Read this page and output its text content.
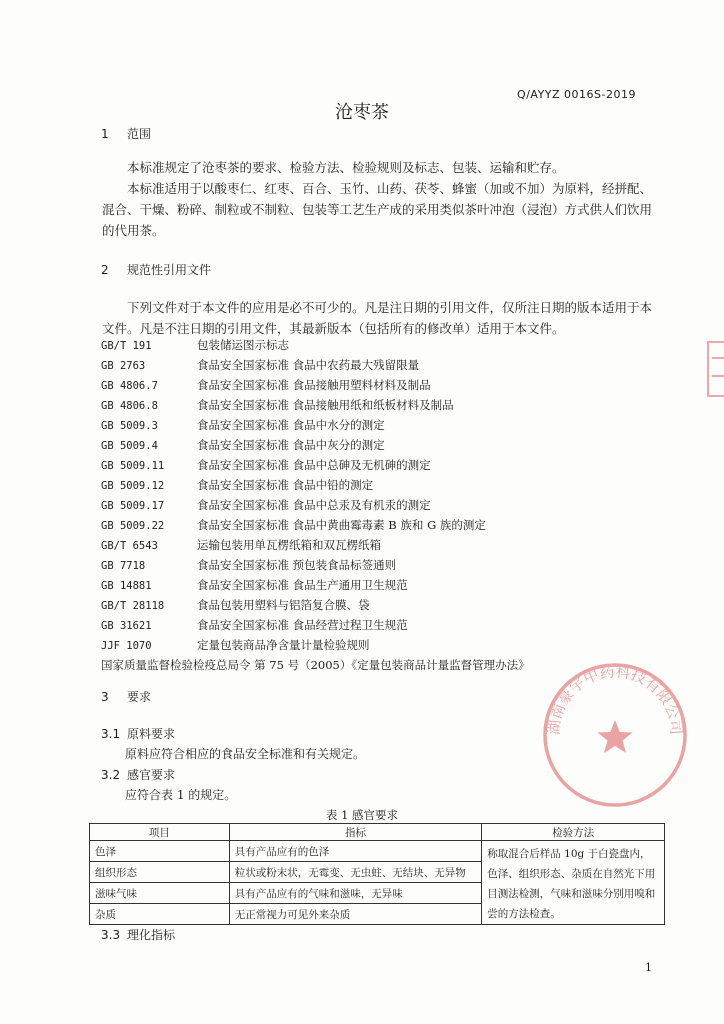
Q/AYYZ 0016S-2019
沧枣茶
1 范围

本标准规定了沧枣茶的要求、检验方法、检验规则及标志、包装、运输和贮存。

本标准适用于以酸枣仁、红枣、百合、玉竹、山药、茯苓、蜂蜜（加或不加）为原料，经拼配、混合、干燥、粉碎、制粒或不制粒、包装等工艺生产成的采用类似茶叶冲泡（浸泡）方式供人们饮用的代用茶。

2 规范性引用文件

下列文件对于本文件的应用是必不可少的。凡是注日期的引用文件，仅所注日期的版本适用于本文件。凡是不注日期的引用文件，其最新版本（包括所有的修改单）适用于本文件。

GB/T 191	包装储运图示标志
GB 2763	食品安全国家标准 食品中农药最大残留限量
GB 4806.7	食品安全国家标准 食品接触用塑料材料及制品
GB 4806.8	食品安全国家标准 食品接触用纸和纸板材料及制品
GB 5009.3	食品安全国家标准 食品中水分的测定
GB 5009.4	食品安全国家标准 食品中灰分的测定
GB 5009.11	食品安全国家标准 食品中总砷及无机砷的测定
GB 5009.12	食品安全国家标准 食品中铅的测定
GB 5009.17	食品安全国家标准 食品中总汞及有机汞的测定
GB 5009.22	食品安全国家标准 食品中黄曲霉毒素 B 族和 G 族的测定
GB/T 6543	运输包装用单瓦楞纸箱和双瓦楞纸箱
GB 7718	食品安全国家标准 预包装食品标签通则
GB 14881	食品安全国家标准 食品生产通用卫生规范
GB/T 28118	食品包装用塑料与铝箔复合膜、袋
GB 31621	食品安全国家标准 食品经营过程卫生规范
JJF 1070	定量包装商品净含量计量检验规则
国家质量监督检验检疫总局令 第 75 号（2005）《定量包装商品计量监督管理办法》
3 要求
3.1 原料要求
原料应符合相应的食品安全标准和有关规定。
3.2 感官要求
应符合表 1 的规定。
表 1 感官要求
项目	指标	检验方法
色泽	具有产品应有的色泽	称取混合后样品 10g 于白瓷盘内，色泽、组织形态、杂质在自然光下用目测法检测，气味和滋味分别用嗅和尝的方法检查。
组织形态	粒状或粉末状，无霉变、无虫蛀、无结块、无异物	
滋味气味	具有产品应有的气味和滋味，无异味	
杂质	无正常视力可见外来杂质	
3.3 理化指标
1
湖南豪宇中药科技有限公司
